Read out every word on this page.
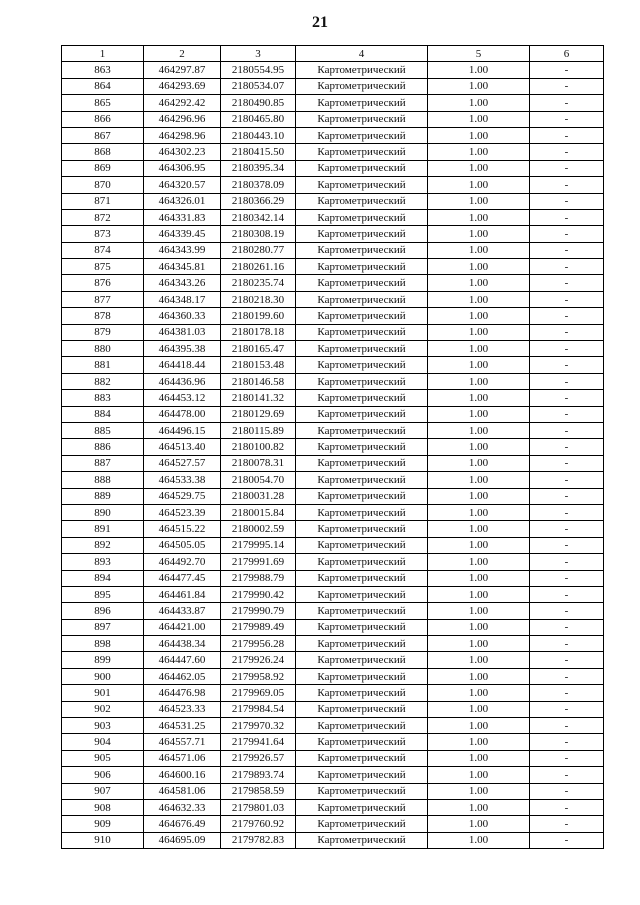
21
1	2	3	4	5	6
863	464297.87	2180554.95	Картометрический	1.00	-
864	464293.69	2180534.07	Картометрический	1.00	-
865	464292.42	2180490.85	Картометрический	1.00	-
866	464296.96	2180465.80	Картометрический	1.00	-
867	464298.96	2180443.10	Картометрический	1.00	-
868	464302.23	2180415.50	Картометрический	1.00	-
869	464306.95	2180395.34	Картометрический	1.00	-
870	464320.57	2180378.09	Картометрический	1.00	-
871	464326.01	2180366.29	Картометрический	1.00	-
872	464331.83	2180342.14	Картометрический	1.00	-
873	464339.45	2180308.19	Картометрический	1.00	-
874	464343.99	2180280.77	Картометрический	1.00	-
875	464345.81	2180261.16	Картометрический	1.00	-
876	464343.26	2180235.74	Картометрический	1.00	-
877	464348.17	2180218.30	Картометрический	1.00	-
878	464360.33	2180199.60	Картометрический	1.00	-
879	464381.03	2180178.18	Картометрический	1.00	-
880	464395.38	2180165.47	Картометрический	1.00	-
881	464418.44	2180153.48	Картометрический	1.00	-
882	464436.96	2180146.58	Картометрический	1.00	-
883	464453.12	2180141.32	Картометрический	1.00	-
884	464478.00	2180129.69	Картометрический	1.00	-
885	464496.15	2180115.89	Картометрический	1.00	-
886	464513.40	2180100.82	Картометрический	1.00	-
887	464527.57	2180078.31	Картометрический	1.00	-
888	464533.38	2180054.70	Картометрический	1.00	-
889	464529.75	2180031.28	Картометрический	1.00	-
890	464523.39	2180015.84	Картометрический	1.00	-
891	464515.22	2180002.59	Картометрический	1.00	-
892	464505.05	2179995.14	Картометрический	1.00	-
893	464492.70	2179991.69	Картометрический	1.00	-
894	464477.45	2179988.79	Картометрический	1.00	-
895	464461.84	2179990.42	Картометрический	1.00	-
896	464433.87	2179990.79	Картометрический	1.00	-
897	464421.00	2179989.49	Картометрический	1.00	-
898	464438.34	2179956.28	Картометрический	1.00	-
899	464447.60	2179926.24	Картометрический	1.00	-
900	464462.05	2179958.92	Картометрический	1.00	-
901	464476.98	2179969.05	Картометрический	1.00	-
902	464523.33	2179984.54	Картометрический	1.00	-
903	464531.25	2179970.32	Картометрический	1.00	-
904	464557.71	2179941.64	Картометрический	1.00	-
905	464571.06	2179926.57	Картометрический	1.00	-
906	464600.16	2179893.74	Картометрический	1.00	-
907	464581.06	2179858.59	Картометрический	1.00	-
908	464632.33	2179801.03	Картометрический	1.00	-
909	464676.49	2179760.92	Картометрический	1.00	-
910	464695.09	2179782.83	Картометрический	1.00	-
